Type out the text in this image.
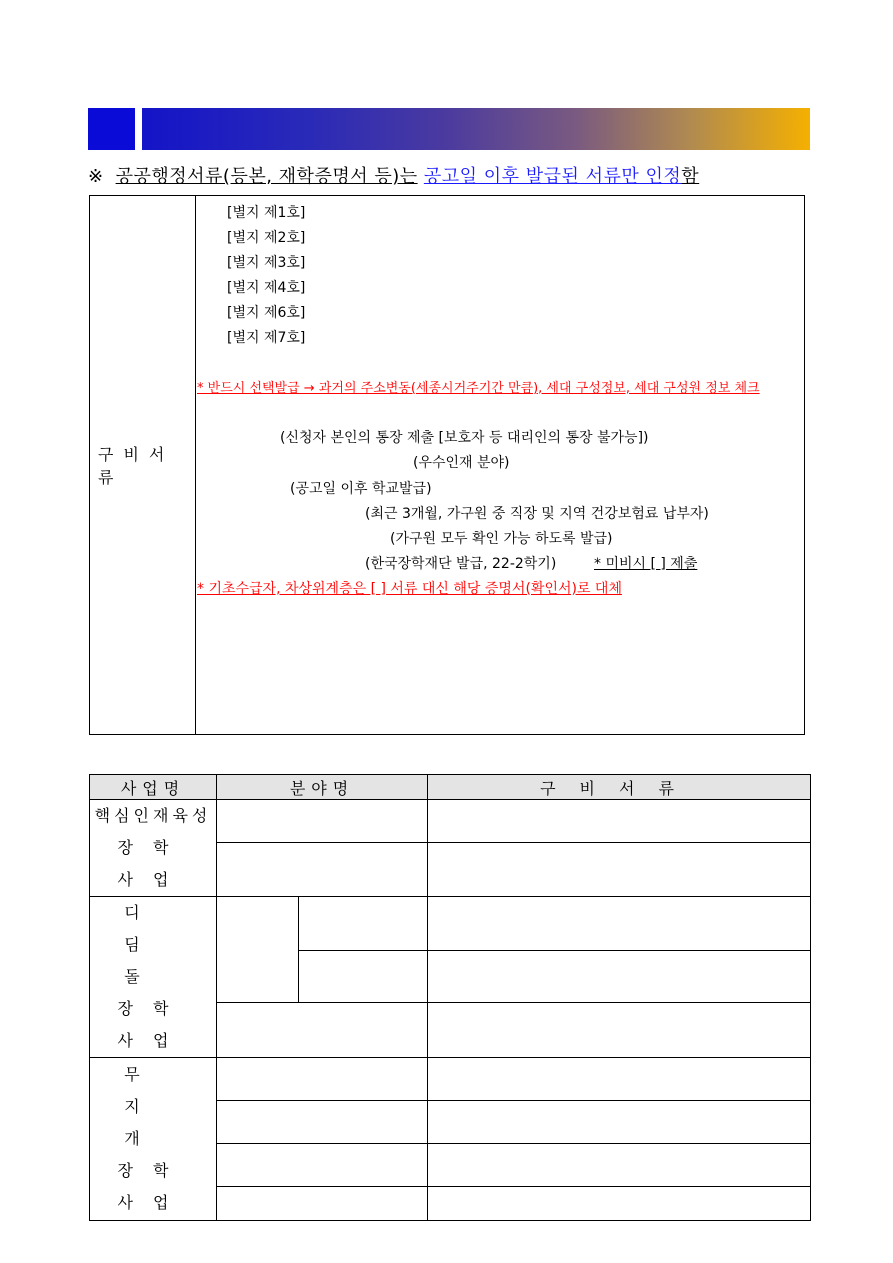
※ 공공행정서류(등본, 재학증명서 등)는 공고일 이후 발급된 서류만 인정함
구비서류
[별지 제1호]
[별지 제2호]
[별지 제3호]
[별지 제4호]
[별지 제6호]
[별지 제7호]
* 반드시 선택발급 → 과거의 주소변동(세종시거주기간 만큼), 세대 구성정보, 세대 구성원 정보 체크
(신청자 본인의 통장 제출 [보호자 등 대리인의 통장 불가능])
(우수인재 분야)
(공고일 이후 학교발급)
(최근 3개월, 가구원 중 직장 및 지역 건강보험료 납부자)
(가구원 모두 확인 가능 하도록 발급)
(한국장학재단 발급, 22-2학기)	* 미비시 [ ] 제출
* 기초수급자, 차상위계층은 [ ] 서류 대신 해당 증명서(확인서)로 대체
사업명	분야명		구비서류

핵심인재육성
장학사업			

디딤돌
장학사업			

무지개
장학사업			
